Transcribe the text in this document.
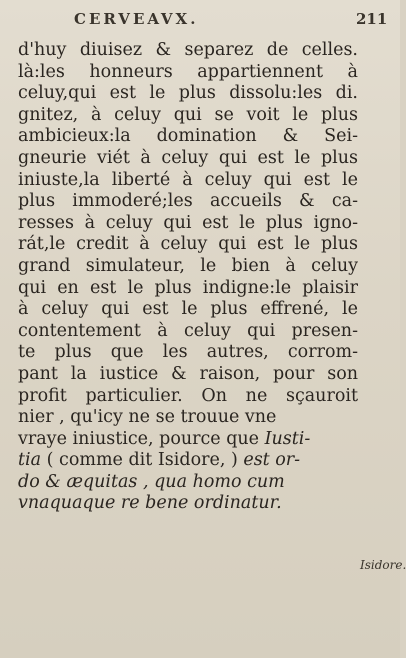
CERVEAVX.	211
d'huy diuisez & separez de celles.
là:les honneurs appartiennent à
celuy,qui est le plus dissolu:les di.
gnitez, à celuy qui se voit le plus
ambicieux:la domination & Sei-
gneurie viét à celuy qui est le plus
iniuste,la liberté à celuy qui est le
plus immoderé;les accueils & ca-
resses à celuy qui est le plus igno-
rát,le credit à celuy qui est le plus
grand simulateur, le bien à celuy
qui en est le plus indigne:le plaisir
à celuy qui est le plus effrené, le
contentement à celuy qui presen-
te plus que les autres, corrom-
pant la iustice & raison, pour son
profit particulier. On ne sçauroit
nier , qu'icy ne se trouue vne
vraye iniustice, pource que Iusti-
tia ( comme dit Isidore, ) est or-
do & æquitas , qua homo cum
vnaquaque re bene ordinatur.
Isidore.
